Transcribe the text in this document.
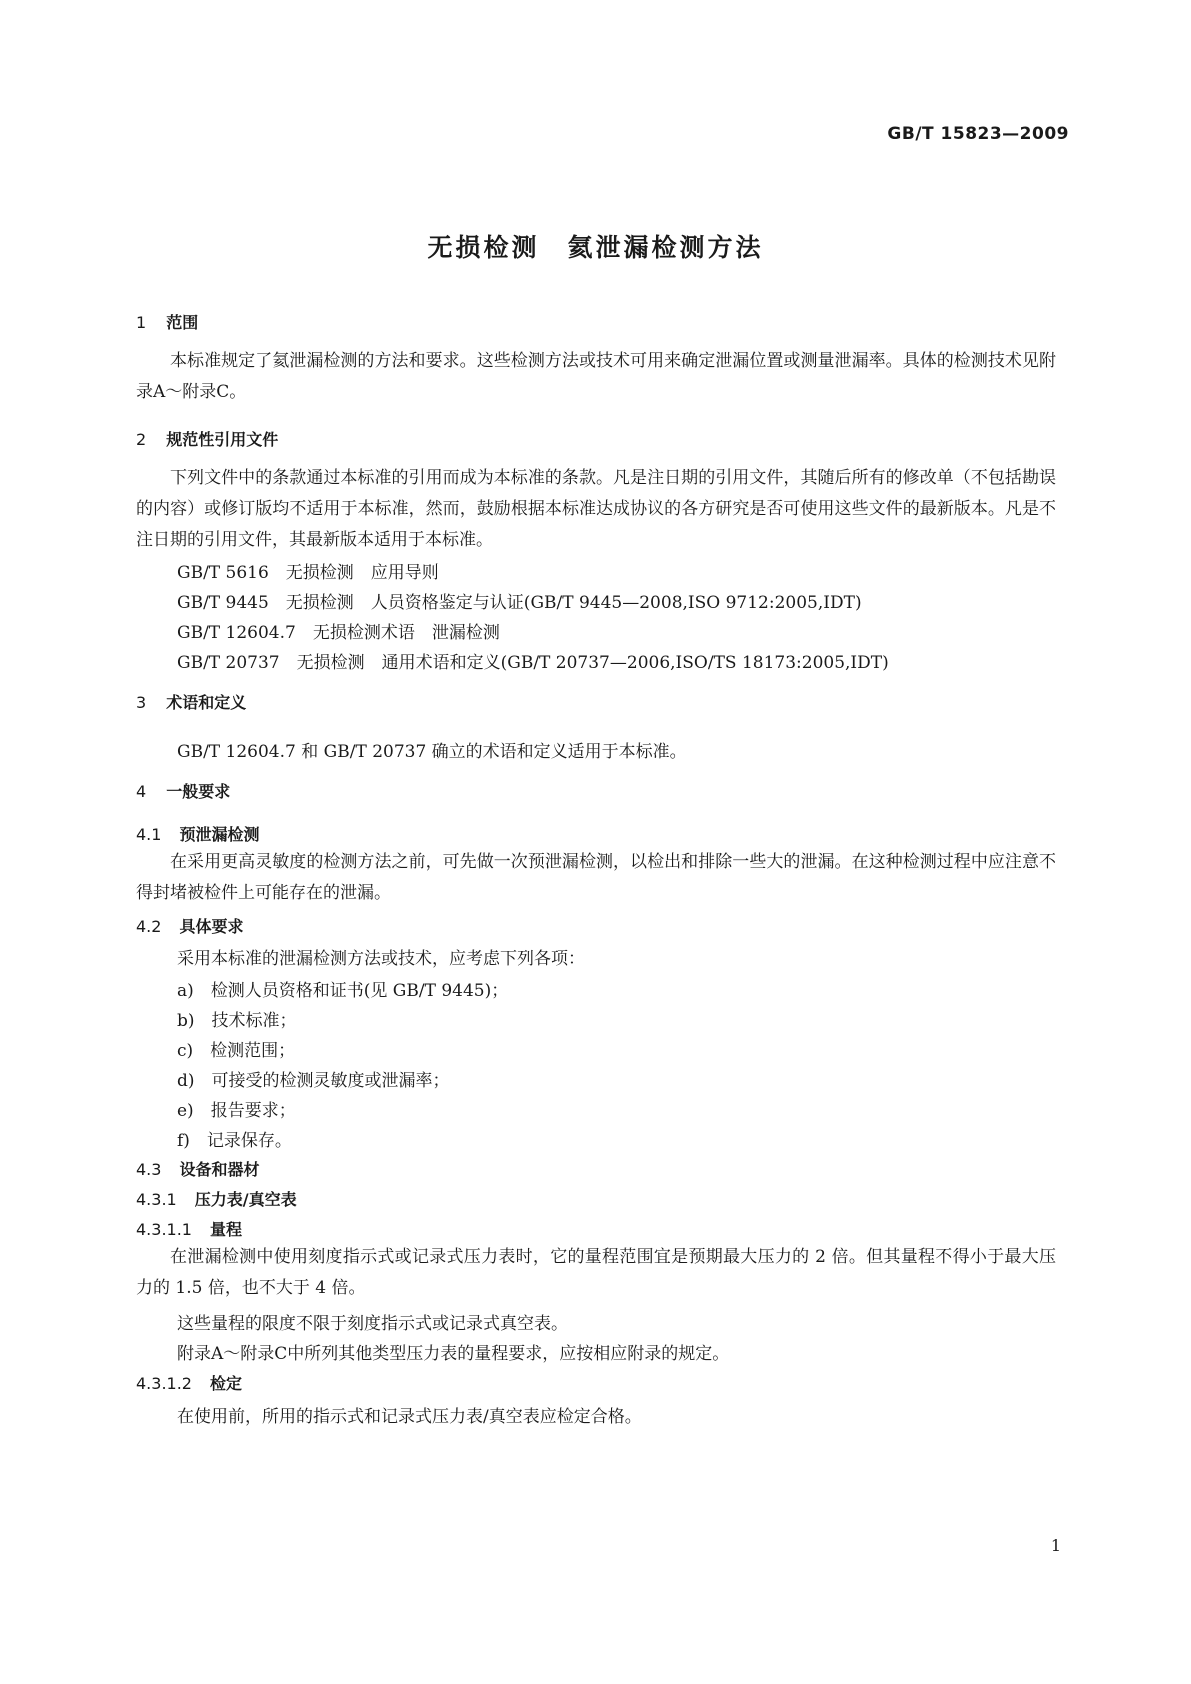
GB/T 15823—2009
无损检测　氦泄漏检测方法
1 范围
本标准规定了氦泄漏检测的方法和要求。这些检测方法或技术可用来确定泄漏位置或测量泄漏率。具体的检测技术见附录A～附录C。
2 规范性引用文件
下列文件中的条款通过本标准的引用而成为本标准的条款。凡是注日期的引用文件，其随后所有的修改单（不包括勘误的内容）或修订版均不适用于本标准，然而，鼓励根据本标准达成协议的各方研究是否可使用这些文件的最新版本。凡是不注日期的引用文件，其最新版本适用于本标准。
GB/T 5616　无损检测　应用导则
GB/T 9445　无损检测　人员资格鉴定与认证(GB/T 9445—2008,ISO 9712:2005,IDT)
GB/T 12604.7　无损检测术语　泄漏检测
GB/T 20737　无损检测　通用术语和定义(GB/T 20737—2006,ISO/TS 18173:2005,IDT)
3 术语和定义
GB/T 12604.7 和 GB/T 20737 确立的术语和定义适用于本标准。
4 一般要求
4.1 预泄漏检测
在采用更高灵敏度的检测方法之前，可先做一次预泄漏检测，以检出和排除一些大的泄漏。在这种检测过程中应注意不得封堵被检件上可能存在的泄漏。
4.2 具体要求
采用本标准的泄漏检测方法或技术，应考虑下列各项：
a)　检测人员资格和证书(见 GB/T 9445)；
b)　技术标准；
c)　检测范围；
d)　可接受的检测灵敏度或泄漏率；
e)　报告要求；
f)　记录保存。
4.3 设备和器材
4.3.1 压力表/真空表
4.3.1.1 量程
在泄漏检测中使用刻度指示式或记录式压力表时，它的量程范围宜是预期最大压力的 2 倍。但其量程不得小于最大压力的 1.5 倍，也不大于 4 倍。
这些量程的限度不限于刻度指示式或记录式真空表。
附录A～附录C中所列其他类型压力表的量程要求，应按相应附录的规定。
4.3.1.2 检定
在使用前，所用的指示式和记录式压力表/真空表应检定合格。
1
